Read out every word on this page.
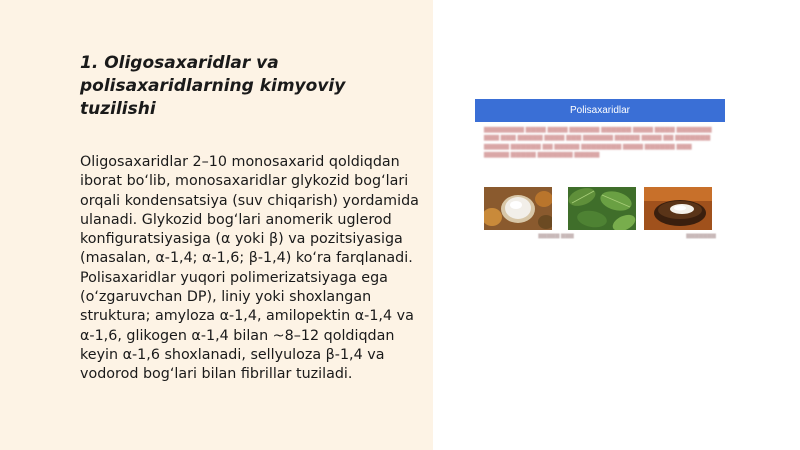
1. Oligosaxaridlar va polisaxaridlarning kimyoviy tuzilishi

Oligosaxaridlar 2–10 monosaxarid qoldiqdan iborat bo‘lib, monosaxaridlar glykozid bog‘lari orqali kondensatsiya (suv chiqarish) yordamida ulanadi. Glykozid bog‘lari anomerik uglerod konfiguratsiyasiga (α yoki β) va pozitsiyasiga (masalan, α-1,4; α-1,6; β-1,4) ko‘ra farqlanadi. Polisaxaridlar yuqori polimerizatsiyaga ega (o‘zgaruvchan DP), liniy yoki shoxlangan struktura; amyloza α-1,4, amilopektin α-1,4 va α-1,6, glikogen α-1,4 bilan ~8–12 qoldiqdan keyin α-1,6 shoxlanadi, sellyuloza β-1,4 va vodorod bog‘lari bilan fibrillar tuziladi.

Polisaxaridlar

▆▆▆▆▆▆▆▆ ▆▆▆▆ ▆▆▆▆ ▆▆▆▆▆▆ ▆▆▆▆▆▆ ▆▆▆▆ ▆▆▆▆ ▆▆▆▆▆▆▆ ▆▆▆ ▆▆▆ ▆▆▆▆▆ ▆▆▆▆ ▆▆▆ ▆▆▆▆▆▆ ▆▆▆▆▆ ▆▆▆▆ ▆▆ ▆▆▆▆▆▆▆ ▆▆▆▆▆ ▆▆▆▆▆▆ ▆▆ ▆▆▆▆▆ ▆▆▆▆▆▆▆▆ ▆▆▆▆ ▆▆▆▆▆▆ ▆▆▆ ▆▆▆▆▆ ▆▆▆▆▆ ▆▆▆▆▆▆▆ ▆▆▆▆▆

▆▆▆▆▆ ▆▆▆	▆▆▆▆▆▆▆
